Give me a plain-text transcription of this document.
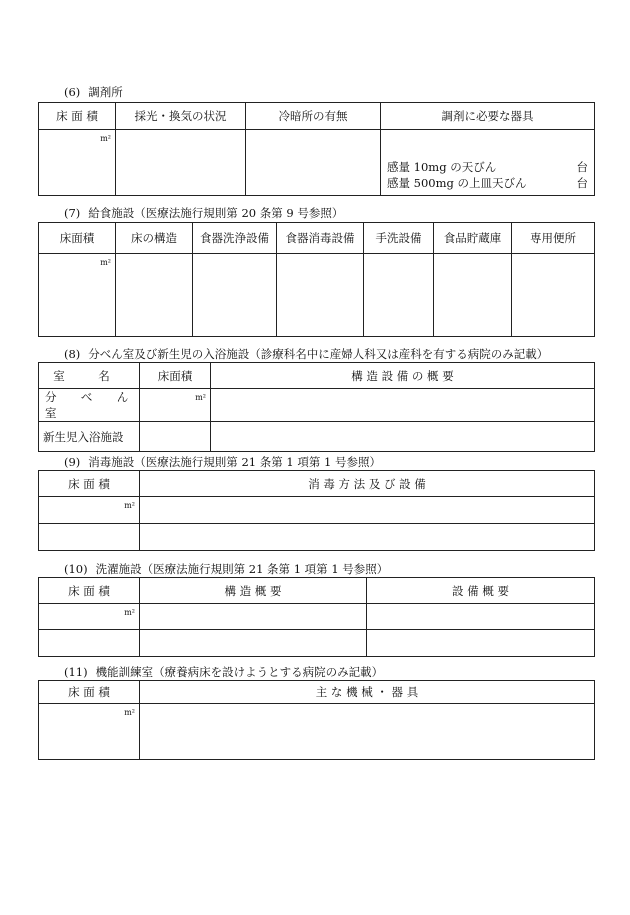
(6) 調剤所
床 面 積	採光・換気の状況	冷暗所の有無	調剤に必要な器具
m²			感量 10mg の天びん 台
感量 500mg の上皿天びん 台
(7) 給食施設（医療法施行規則第 20 条第 9 号参照）
床面積	床の構造	食器洗浄設備	食器消毒設備	手洗設備	食品貯蔵庫	専用便所
m²						
(8) 分べん室及び新生児の入浴施設（診療科名中に産婦人科又は産科を有する病院のみ記載）
室 名	床面積	構 造 設 備 の 概 要
分 べ ん 室	m²	
新生児入浴施設		
(9) 消毒施設（医療法施行規則第 21 条第 1 項第 1 号参照）
床 面 積	消 毒 方 法 及 び 設 備
m²	

(10) 洗濯施設（医療法施行規則第 21 条第 1 項第 1 号参照）
床 面 積	構 造 概 要	設 備 概 要
m²		

(11) 機能訓練室（療養病床を設けようとする病院のみ記載）
床 面 積	主 な 機 械 ・ 器 具
m²	
